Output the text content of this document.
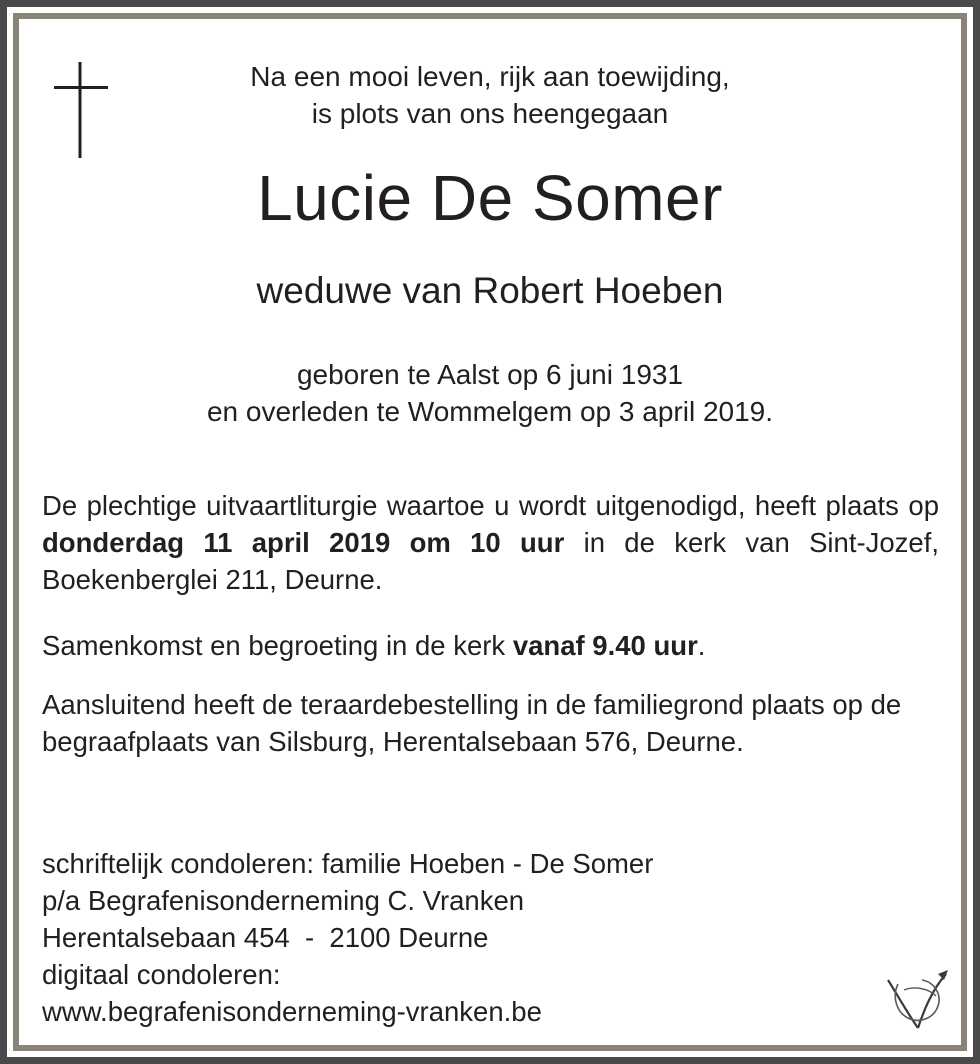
Na een mooi leven, rijk aan toewijding,
is plots van ons heengegaan
Lucie De Somer
weduwe van Robert Hoeben
geboren te Aalst op 6 juni 1931
en overleden te Wommelgem op 3 april 2019.
De plechtige uitvaartliturgie waartoe u wordt uitgenodigd, heeft plaats op donderdag 11 april 2019 om 10 uur in de kerk van Sint-Jozef, Boekenberglei 211, Deurne.
Samenkomst en begroeting in de kerk vanaf 9.40 uur.
Aansluitend heeft de teraardebestelling in de familiegrond plaats op de begraafplaats van Silsburg, Herentalsebaan 576, Deurne.
schriftelijk condoleren: familie Hoeben - De Somer
p/a Begrafenisonderneming C. Vranken
Herentalsebaan 454  -  2100 Deurne
digitaal condoleren:
www.begrafenisonderneming-vranken.be
